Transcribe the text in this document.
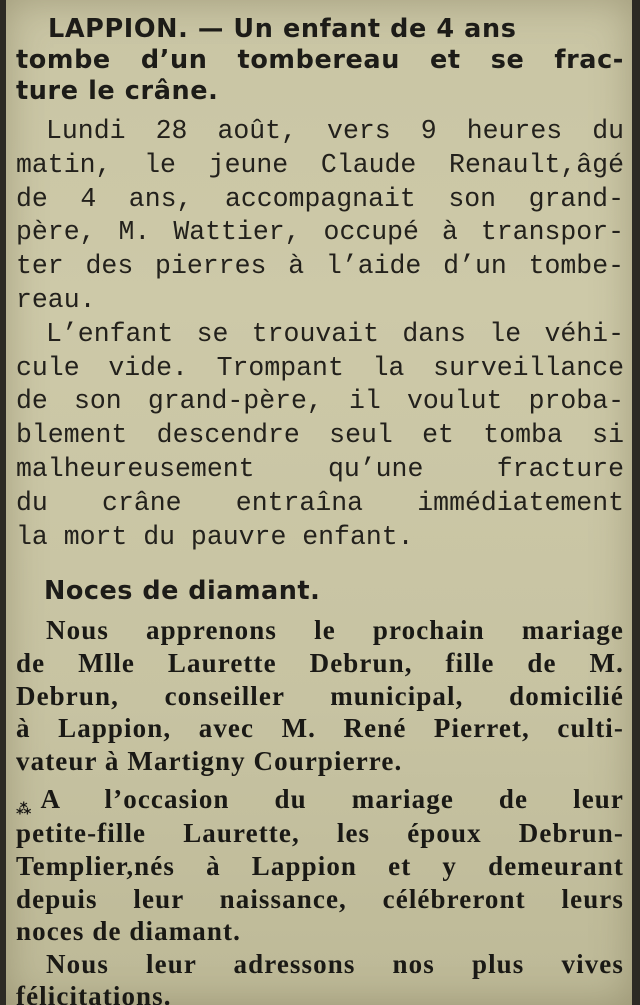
LAPPION. — Un enfant de 4 ans
tombe d’un tombereau et se frac-
ture le crâne.
Lundi 28 août, vers 9 heures du
matin, le jeune Claude Renault,âgé
de 4 ans, accompagnait son grand-
père, M. Wattier, occupé à transpor-
ter des pierres à l’aide d’un tombe-
reau.
L’enfant se trouvait dans le véhi-
cule vide. Trompant la surveillance
de son grand-père, il voulut proba-
blement descendre seul et tomba si
malheureusement qu’une fracture
du crâne entraîna immédiatement
la mort du pauvre enfant.
Noces de diamant.
Nous apprenons le prochain mariage
de Mlle Laurette Debrun, fille de M.
Debrun, conseiller municipal, domicilié
à Lappion, avec M. René Pierret, culti-
vateur à Martigny Courpierre.
⁂ A l’occasion du mariage de leur
petite-fille Laurette, les époux Debrun-
Templier,nés à Lappion et y demeurant
depuis leur naissance, célébreront leurs
noces de diamant.
Nous leur adressons nos plus vives
félicitations.
